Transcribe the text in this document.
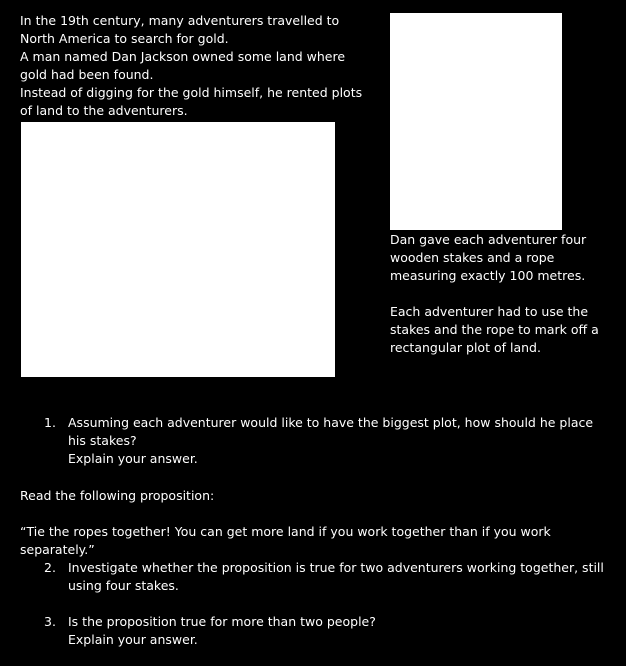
In the 19th century, many adventurers travelled to North America to search for gold.

A man named Dan Jackson owned some land where gold had been found.

Instead of digging for the gold himself, he rented plots of land to the adventurers.

Dan gave each adventurer four wooden stakes and a rope measuring exactly 100 metres.

Each adventurer had to use the stakes and the rope to mark off a rectangular plot of land.

1. Assuming each adventurer would like to have the biggest plot, how should he place his stakes?

Explain your answer.

Read the following proposition:

“Tie the ropes together! You can get more land if you work together than if you work separately.”

2. Investigate whether the proposition is true for two adventurers working together, still using four stakes.

3. Is the proposition true for more than two people?

Explain your answer.
